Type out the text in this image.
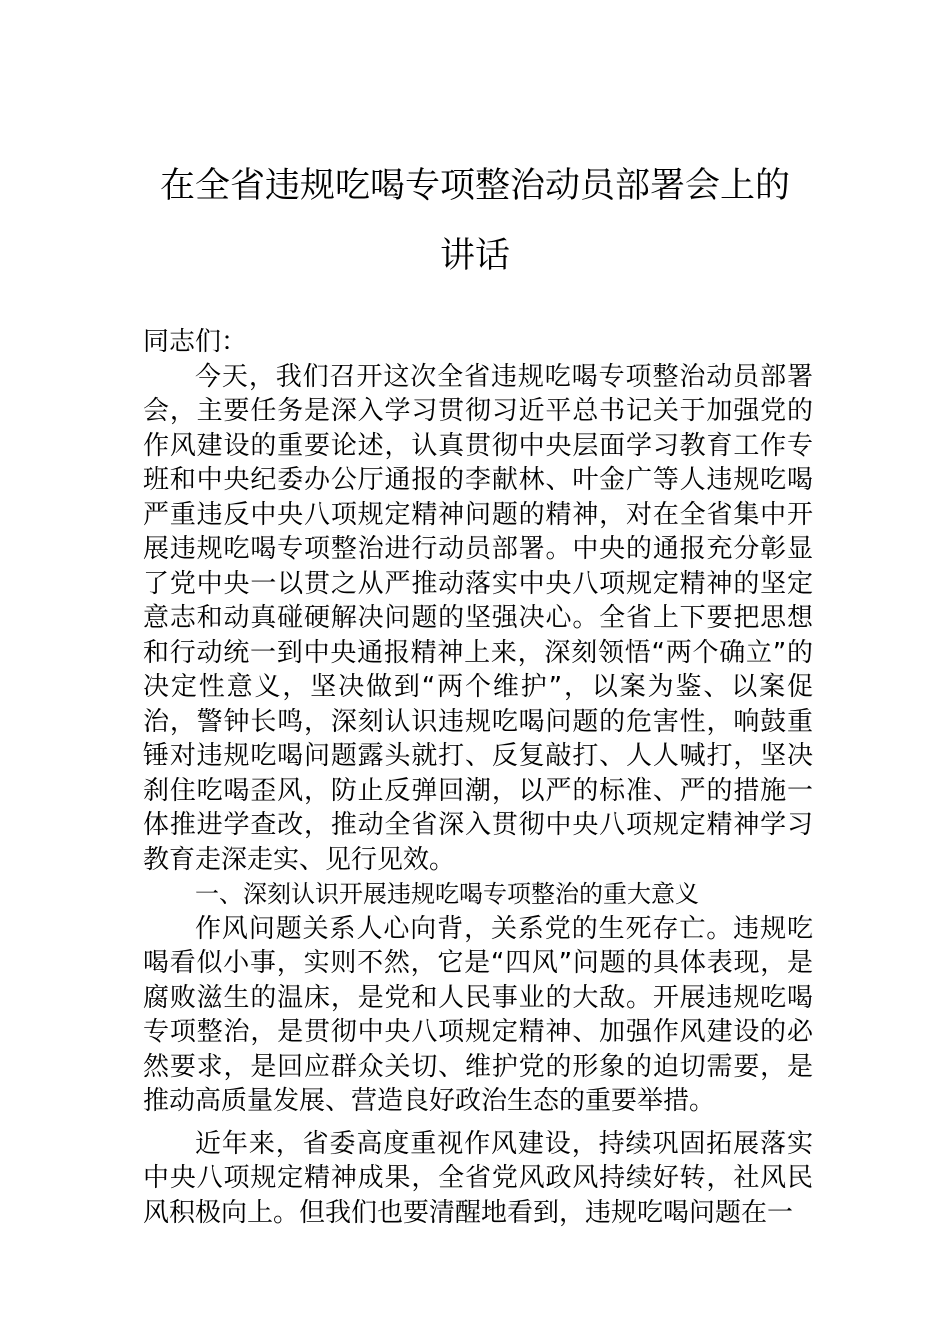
在全省违规吃喝专项整治动员部署会上的
讲话

同志们：

今天，我们召开这次全省违规吃喝专项整治动员部署会，主要任务是深入学习贯彻习近平总书记关于加强党的作风建设的重要论述，认真贯彻中央层面学习教育工作专班和中央纪委办公厅通报的李献林、叶金广等人违规吃喝严重违反中央八项规定精神问题的精神，对在全省集中开展违规吃喝专项整治进行动员部署。中央的通报充分彰显了党中央一以贯之从严推动落实中央八项规定精神的坚定意志和动真碰硬解决问题的坚强决心。全省上下要把思想和行动统一到中央通报精神上来，深刻领悟“两个确立”的决定性意义，坚决做到“两个维护”，以案为鉴、以案促治，警钟长鸣，深刻认识违规吃喝问题的危害性，响鼓重锤对违规吃喝问题露头就打、反复敲打、人人喊打，坚决刹住吃喝歪风，防止反弹回潮，以严的标准、严的措施一体推进学查改，推动全省深入贯彻中央八项规定精神学习教育走深走实、见行见效。

一、深刻认识开展违规吃喝专项整治的重大意义

作风问题关系人心向背，关系党的生死存亡。违规吃喝看似小事，实则不然，它是“四风”问题的具体表现，是腐败滋生的温床，是党和人民事业的大敌。开展违规吃喝专项整治，是贯彻中央八项规定精神、加强作风建设的必然要求，是回应群众关切、维护党的形象的迫切需要，是推动高质量发展、营造良好政治生态的重要举措。

近年来，省委高度重视作风建设，持续巩固拓展落实中央八项规定精神成果，全省党风政风持续好转，社风民风积极向上。但我们也要清醒地看到，违规吃喝问题在一
